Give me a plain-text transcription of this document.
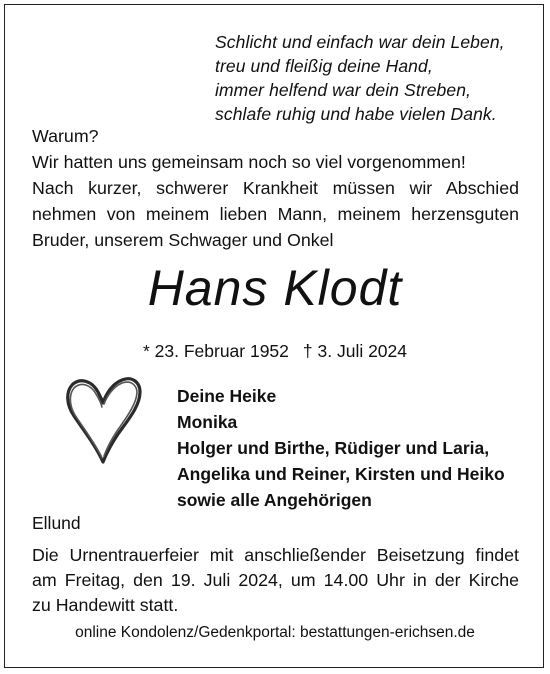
Schlicht und einfach war dein Leben,
treu und fleißig deine Hand,
immer helfend war dein Streben,
schlafe ruhig und habe vielen Dank.
Warum?
Wir hatten uns gemeinsam noch so viel vorgenommen!
Nach kurzer, schwerer Krankheit müssen wir Abschied
nehmen von meinem lieben Mann, meinem herzensguten
Bruder, unserem Schwager und Onkel
Hans Klodt
* 23. Februar 1952 † 3. Juli 2024
Deine Heike
Monika
Holger und Birthe, Rüdiger und Laria,
Angelika und Reiner, Kirsten und Heiko
sowie alle Angehörigen
Ellund
Die Urnentrauerfeier mit anschließender Beisetzung findet
am Freitag, den 19. Juli 2024, um 14.00 Uhr in der Kirche
zu Handewitt statt.
online Kondolenz/Gedenkportal: bestattungen-erichsen.de
